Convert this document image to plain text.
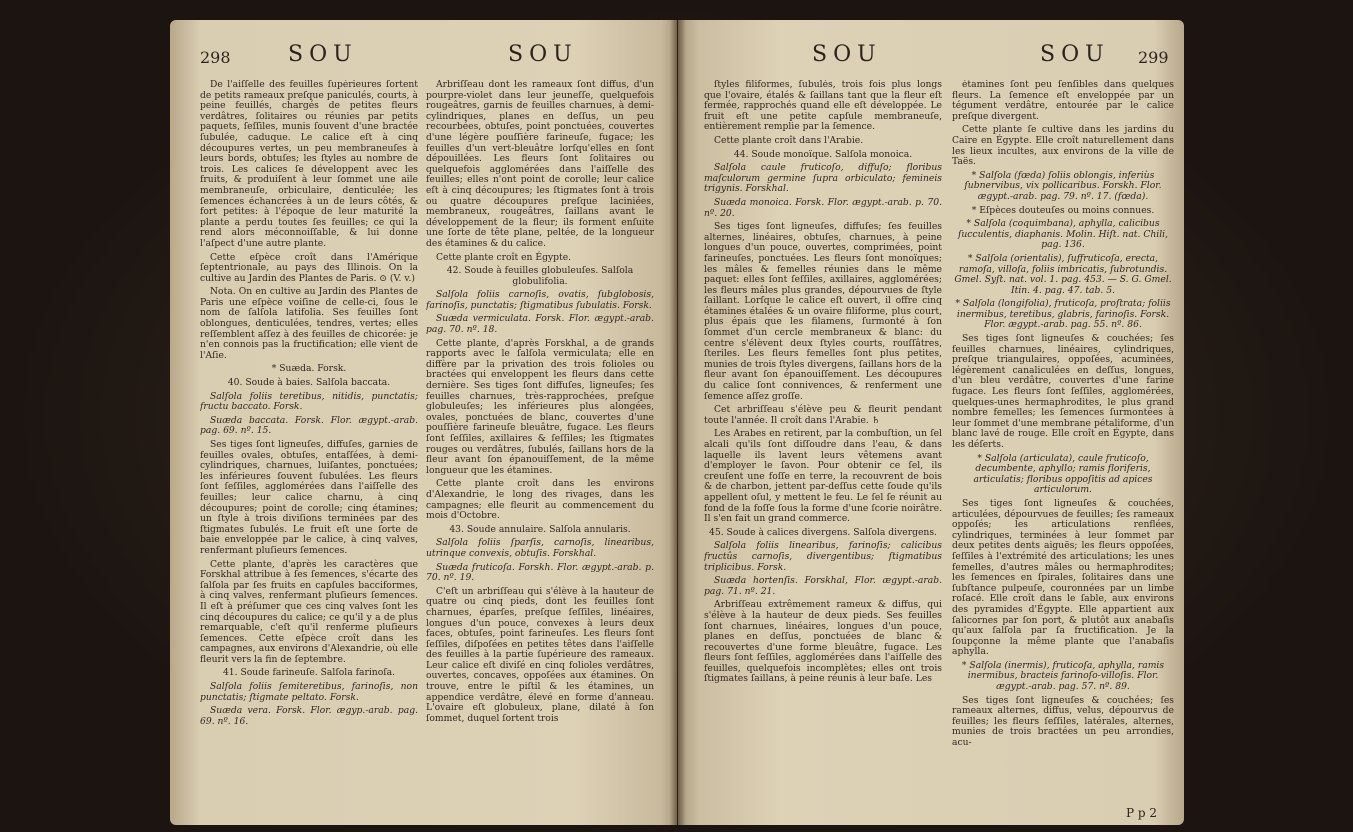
298	SOU	SOU	SOU	SOU 299

De l'aiſſelle des feuilles ſupérieures ſortent de petits rameaux preſque paniculés, courts, à peine feuillés, chargés de petites fleurs verdâtres, ſolitaires ou réunies par petits paquets, ſeſſiles, munis ſouvent d'une bractée ſubulée, caduque. Le calice eſt à cinq découpures vertes, un peu membraneuſes à leurs bords, obtuſes; les ſtyles au nombre de trois. Les calices ſe développent avec les fruits, & produiſent à leur ſommet une aile membraneuſe, orbiculaire, denticulée; les ſemences échancrées à un de leurs côtés, & fort petites: à l'époque de leur maturité la plante a perdu toutes ſes feuilles; ce qui la rend alors méconnoiſſable, & lui donne l'aſpect d'une autre plante.

Cette eſpèce croît dans l'Amérique ſeptentrionale, au pays des Illinois. On la cultive au Jardin des Plantes de Paris. ⊙ (V. v.)

Nota. On en cultive au Jardin des Plantes de Paris une eſpèce voiſine de celle-ci, ſous le nom de ſalſola latifolia. Ses feuilles ſont oblongues, denticulées, tendres, vertes; elles reſſemblent aſſez à des feuilles de chicorée: je n'en connois pas la fructification; elle vient de l'Aſie.

* Suæda. Forsk.

40. Soude à baies. Salſola baccata.

Salſola foliis teretibus, nitidis, punctatis; fructu baccato. Forsk.

Suæda baccata. Forsk. Flor. ægypt.-arab. pag. 69. nº. 15.

Ses tiges ſont ligneuſes, diffuſes, garnies de feuilles ovales, obtuſes, entaſſées, à demi-cylindriques, charnues, luiſantes, ponctuées; les inférieures ſouvent ſubulées. Les fleurs ſont ſeſſiles, agglomérées dans l'aiſſelle des feuilles; leur calice charnu, à cinq découpures; point de corolle; cinq étamines; un ſtyle à trois diviſions terminées par des ſtigmates ſubulés. Le fruit eſt une ſorte de baie enveloppée par le calice, à cinq valves, renfermant pluſieurs ſemences.

Cette plante, d'après les caractères que Forskhal attribue à ſes ſemences, s'écarte des ſalſola par ſes fruits en capſules bacciformes, à cinq valves, renfermant pluſieurs ſemences. Il eſt à préſumer que ces cinq valves ſont les cinq découpures du calice; ce qu'il y a de plus remarquable, c'eſt qu'il renferme pluſieurs ſemences. Cette eſpèce croît dans les campagnes, aux environs d'Alexandrie, où elle fleurit vers la fin de ſeptembre.

41. Soude farineuſe. Salſola farinoſa.

Salſola foliis ſemiteretibus, farinoſis, non punctatis; ſtigmate peltato. Forsk.

Suæda vera. Forsk. Flor. ægyp.-arab. pag. 69. nº. 16.

Arbriſſeau dont les rameaux ſont diffus, d'un pourpre-violet dans leur jeuneſſe, quelquefois rougeâtres, garnis de feuilles charnues, à demi-cylindriques, planes en deſſus, un peu recourbées, obtuſes, point ponctuées, couvertes d'une légère pouſſière farineuſe, fugace; les feuilles d'un vert-bleuâtre lorſqu'elles en ſont dépouillées. Les fleurs ſont ſolitaires ou quelquefois agglomérées dans l'aiſſelle des feuilles; elles n'ont point de corolle; leur calice eſt à cinq découpures; les ſtigmates ſont à trois ou quatre découpures preſque laciniées, membraneux, rougeâtres, ſaillans avant le développement de la fleur; ils forment enſuite une ſorte de tête plane, peltée, de la longueur des étamines & du calice.

Cette plante croît en Égypte.

42. Soude à feuilles globuleuſes. Salſola globulifolia.

Salſola foliis carnoſis, ovatis, ſubglobosis, farinoſis, punctatis; ſtigmatibus ſubulatis. Forsk.

Suæda vermiculata. Forsk. Flor. ægypt.-arab. pag. 70. nº. 18.

Cette plante, d'après Forskhal, a de grands rapports avec le ſalſola vermiculata; elle en diffère par la privation des trois folioles ou bractées qui enveloppent les fleurs dans cette dernière. Ses tiges ſont diffuſes, ligneuſes; ſes feuilles charnues, très-rapprochées, preſque globuleuſes; les inférieures plus alongées, ovales, ponctuées de blanc, couvertes d'une pouſſière farineuſe bleuâtre, fugace. Les fleurs ſont ſeſſiles, axillaires & ſeſſiles; les ſtigmates rouges ou verdâtres, ſubulés, ſaillans hors de la fleur avant ſon épanouiſſement, de la même longueur que les étamines.

Cette plante croît dans les environs d'Alexandrie, le long des rivages, dans les campagnes; elle fleurit au commencement du mois d'Octobre.

43. Soude annulaire. Salſola annularis.

Salſola foliis ſparſis, carnoſis, linearibus, utrinque convexis, obtuſis. Forskhal.

Suæda fruticoſa. Forskh. Flor. ægypt.-arab. p. 70. nº. 19.

C'eſt un arbriſſeau qui s'élève à la hauteur de quatre ou cinq pieds, dont les feuilles ſont charnues, éparſes, preſque ſeſſiles, linéaires, longues d'un pouce, convexes à leurs deux faces, obtuſes, point farineuſes. Les fleurs ſont ſeſſiles, diſpoſées en petites têtes dans l'aiſſelle des feuilles à la partie ſupérieure des rameaux. Leur calice eſt diviſé en cinq folioles verdâtres, ouvertes, concaves, oppoſées aux étamines. On trouve, entre le piſtil & les étamines, un appendice verdâtre, élevé en forme d'anneau. L'ovaire eſt globuleux, plane, dilaté à ſon ſommet, duquel ſortent trois

ſtyles filiformes, ſubulés, trois fois plus longs que l'ovaire, étalés & ſaillans tant que la fleur eſt fermée, rapprochés quand elle eſt développée. Le fruit eſt une petite capſule membraneuſe, entièrement remplie par la ſemence.

Cette plante croît dans l'Arabie.

44. Soude monoïque. Salſola monoica.

Salſola caule fruticoſo, diffuſo; floribus maſculorum germine ſupra orbiculato; femineis trigynis. Forskhal.

Suæda monoica. Forsk. Flor. ægypt.-arab. p. 70. nº. 20.

Ses tiges ſont ligneuſes, diffuſes; ſes feuilles alternes, linéaires, obtuſes, charnues, à peine longues d'un pouce, ouvertes, comprimées, point farineuſes, ponctuées. Les fleurs ſont monoïques; les mâles & femelles réunies dans le même paquet: elles ſont ſeſſiles, axillaires, agglomérées; les fleurs mâles plus grandes, dépourvues de ſtyle ſaillant. Lorſque le calice eſt ouvert, il offre cinq étamines étalées & un ovaire filiforme, plus court, plus épais que les filamens, ſurmonté à ſon ſommet d'un cercle membraneux & blanc: du centre s'élèvent deux ſtyles courts, rouſſâtres, ſteriles. Les fleurs femelles ſont plus petites, munies de trois ſtyles divergens, ſaillans hors de la fleur avant ſon épanouiſſement. Les découpures du calice ſont connivences, & renferment une ſemence aſſez groſſe.

Cet arbriſſeau s'élève peu & fleurit pendant toute l'année. Il croît dans l'Arabie. ♄

Les Arabes en retirent, par la combuſtion, un ſel alcali qu'ils ſont diſſoudre dans l'eau, & dans laquelle ils lavent leurs vêtemens avant d'employer le ſavon. Pour obtenir ce ſel, ils creuſent une foſſe en terre, la recouvrent de bois & de charbon, jettent par-deſſus cette ſoude qu'ils appellent oſul, y mettent le feu. Le ſel ſe réunit au fond de la foſſe ſous la forme d'une ſcorie noirâtre. Il s'en fait un grand commerce.

45. Soude à calices divergens. Salſola divergens.

Salſola foliis linearibus, farinoſis; calicibus fructûs carnoſis, divergentibus; ſtigmatibus triplicibus. Forsk.

Suæda hortenſis. Forskhal, Flor. ægypt.-arab. pag. 71. nº. 21.

Arbriſſeau extrêmement rameux & diffus, qui s'élève à la hauteur de deux pieds. Ses feuilles ſont charnues, linéaires, longues d'un pouce, planes en deſſus, ponctuées de blanc & recouvertes d'une forme bleuâtre, fugace. Les fleurs ſont ſeſſiles, agglomérées dans l'aiſſelle des feuilles, quelquefois incomplètes; elles ont trois ſtigmates ſaillans, à peine réunis à leur baſe. Les

étamines ſont peu ſenſibles dans quelques fleurs. La ſemence eſt enveloppée par un tégument verdâtre, entourée par le calice preſque divergent.

Cette plante ſe cultive dans les jardins du Caire en Égypte. Elle croît naturellement dans les lieux incultes, aux environs de la ville de Taës.

* Salſola (fœda) ſoliis oblongis, inferiùs ſubnervibus, vix pollicaribus. Forskh. Flor. ægypt.-arab. pag. 79. nº. 17. (fœda).

* Eſpèces douteuſes ou moins connues.

* Salſola (coquimbana), aphylla, calicibus ſucculentis, diaphanis. Molin. Hiſt. nat. Chili, pag. 136.

* Salſola (orientalis), ſuffruticoſa, erecta, ramoſa, villoſa, foliis imbricatis, ſubrotundis. Gmel. Syſt. nat. vol. 1. pag. 453. — S. G. Gmel. Itin. 4. pag. 47. tab. 5.

* Salſola (longifolia), fruticoſa, proſtrata; foliis inermibus, teretibus, glabris, farinoſis. Forsk. Flor. ægypt.-arab. pag. 55. nº. 86.

Ses tiges ſont ligneuſes & couchées; ſes feuilles charnues, linéaires, cylindriques, preſque triangulaires, oppoſées, acuminées, légèrement canaliculées en deſſus, longues, d'un bleu verdâtre, couvertes d'une farine fugace. Les fleurs ſont ſeſſiles, agglomérées, quelques-unes hermaphrodites, le plus grand nombre femelles; les ſemences ſurmontées à leur ſommet d'une membrane pétaliforme, d'un blanc lavé de rouge. Elle croît en Égypte, dans les déſerts.

* Salſola (articulata), caule fruticoſo, decumbente, aphyllo; ramis floriferis, articulatis; floribus oppoſitis ad apices articulorum.

Ses tiges ſont ligneuſes & couchées, articulées, dépourvues de feuilles; ſes rameaux oppoſés; les articulations renflées, cylindriques, terminées à leur ſommet par deux petites dents aiguës; les fleurs oppoſées, ſeſſiles à l'extrémité des articulations; les unes femelles, d'autres mâles ou hermaphrodites; les ſemences en ſpirales, ſolitaires dans une ſubſtance pulpeuſe, couronnées par un limbe roſacé. Elle croît dans le ſable, aux environs des pyramides d'Égypte. Elle appartient aux ſalicornes par ſon port, & plutôt aux anabaſis qu'aux ſalſola par ſa fructification. Je la ſoupçonne la même plante que l'anabaſis aphylla.

* Salſola (inermis), fruticoſa, aphylla, ramis inermibus, bracteis farinoſo-villoſis. Flor. ægypt.-arab. pag. 57. nº. 89.

Ses tiges ſont ligneuſes & couchées; ſes rameaux alternes, diffus, velus, dépourvus de feuilles; les fleurs ſeſſiles, latérales, alternes, munies de trois bractées un peu arrondies, acu-

P p 2
